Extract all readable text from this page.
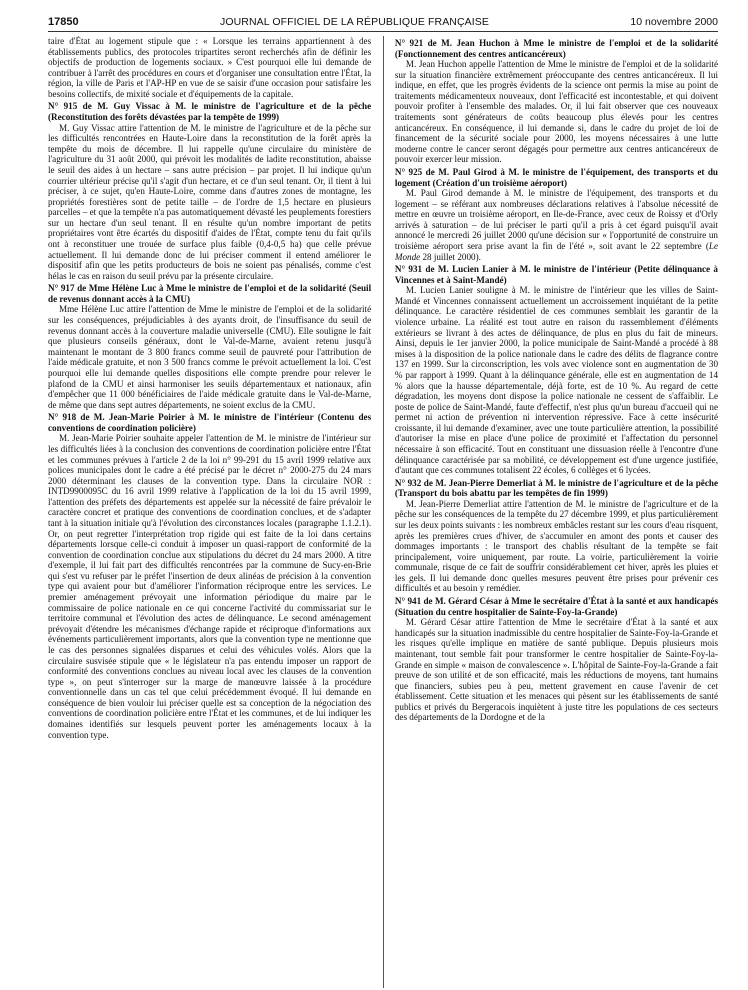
17850	JOURNAL OFFICIEL DE LA RÉPUBLIQUE FRANÇAISE	10 novembre 2000

taire d'État au logement stipule que : « Lorsque les terrains appartiennent à des établissements publics, des protocoles tripartites seront recherchés afin de définir les objectifs de production de logements sociaux. » C'est pourquoi elle lui demande de contribuer à l'arrêt des procédures en cours et d'organiser une consultation entre l'État, la région, la ville de Paris et l'AP-HP en vue de se saisir d'une occasion pour satisfaire les besoins collectifs, de mixité sociale et d'équipements de la capitale.

N° 915 de M. Guy Vissac à M. le ministre de l'agriculture et de la pêche (Reconstitution des forêts dévastées par la tempête de 1999)

M. Guy Vissac attire l'attention de M. le ministre de l'agriculture et de la pêche sur les difficultés rencontrées en Haute-Loire dans la reconstitution de la forêt après la tempête du mois de décembre. Il lui rappelle qu'une circulaire du ministère de l'agriculture du 31 août 2000, qui prévoit les modalités de ladite reconstitution, abaisse le seuil des aides à un hectare – sans autre précision – par projet. Il lui indique qu'un courrier ultérieur précise qu'il s'agit d'un hectare, et ce d'un seul tenant. Or, il tient à lui préciser, à ce sujet, qu'en Haute-Loire, comme dans d'autres zones de montagne, les propriétés forestières sont de petite taille – de l'ordre de 1,5 hectare en plusieurs parcelles – et que la tempête n'a pas automatiquement dévasté les peuplements forestiers sur un hectare d'un seul tenant. Il en résulte qu'un nombre important de petits propriétaires vont être écartés du dispositif d'aides de l'État, compte tenu du fait qu'ils ont à reconstituer une trouée de surface plus faible (0,4-0,5 ha) que celle prévue actuellement. Il lui demande donc de lui préciser comment il entend améliorer le dispositif afin que les petits producteurs de bois ne soient pas pénalisés, comme c'est hélas le cas en raison du seuil prévu par la présente circulaire.

N° 917 de Mme Hélène Luc à Mme le ministre de l'emploi et de la solidarité (Seuil de revenus donnant accès à la CMU)

Mme Hélène Luc attire l'attention de Mme le ministre de l'emploi et de la solidarité sur les conséquences, préjudiciables à des ayants droit, de l'insuffisance du seuil de revenus donnant accès à la couverture maladie universelle (CMU). Elle souligne le fait que plusieurs conseils généraux, dont le Val-de-Marne, avaient retenu jusqu'à maintenant le montant de 3 800 francs comme seuil de pauvreté pour l'attribution de l'aide médicale gratuite, et non 3 500 francs comme le prévoit actuellement la loi. C'est pourquoi elle lui demande quelles dispositions elle compte prendre pour relever le plafond de la CMU et ainsi harmoniser les seuils départementaux et nationaux, afin d'empêcher que 11 000 bénéficiaires de l'aide médicale gratuite dans le Val-de-Marne, de même que dans sept autres départements, ne soient exclus de la CMU.

N° 918 de M. Jean-Marie Poirier à M. le ministre de l'intérieur (Contenu des conventions de coordination policière)

M. Jean-Marie Poirier souhaite appeler l'attention de M. le ministre de l'intérieur sur les difficultés liées à la conclusion des conventions de coordination policière entre l'État et les communes prévues à l'article 2 de la loi n° 99-291 du 15 avril 1999 relative aux polices municipales dont le cadre a été précisé par le décret n° 2000-275 du 24 mars 2000 déterminant les clauses de la convention type. Dans la circulaire NOR : INTD9900095C du 16 avril 1999 relative à l'application de la loi du 15 avril 1999, l'attention des préfets des départements est appelée sur la nécessité de faire prévaloir le caractère concret et pratique des conventions de coordination conclues, et de s'adapter tant à la situation initiale qu'à l'évolution des circonstances locales (paragraphe 1.1.2.1). Or, on peut regretter l'interprétation trop rigide qui est faite de la loi dans certains départements lorsque celle-ci conduit à imposer un quasi-rapport de conformité de la convention de coordination conclue aux stipulations du décret du 24 mars 2000. A titre d'exemple, il lui fait part des difficultés rencontrées par la commune de Sucy-en-Brie qui s'est vu refuser par le préfet l'insertion de deux alinéas de précision à la convention type qui avaient pour but d'améliorer l'information réciproque entre les services. Le premier aménagement prévoyait une information périodique du maire par le commissaire de police nationale en ce qui concerne l'activité du commissariat sur le territoire communal et l'évolution des actes de délinquance. Le second aménagement prévoyait d'étendre les mécanismes d'échange rapide et réciproque d'informations aux événements particulièrement importants, alors que la convention type ne mentionne que le cas des personnes signalées disparues et celui des véhicules volés. Alors que la circulaire susvisée stipule que « le législateur n'a pas entendu imposer un rapport de conformité des conventions conclues au niveau local avec les clauses de la convention type », on peut s'interroger sur la marge de manœuvre laissée à la procédure conventionnelle dans un cas tel que celui précédemment évoqué. Il lui demande en conséquence de bien vouloir lui préciser quelle est sa conception de la négociation des conventions de coordination policière entre l'État et les communes, et de lui indiquer les domaines identifiés sur lesquels peuvent porter les aménagements locaux à la convention type.

N° 921 de M. Jean Huchon à Mme le ministre de l'emploi et de la solidarité (Fonctionnement des centres anticancéreux)

M. Jean Huchon appelle l'attention de Mme le ministre de l'emploi et de la solidarité sur la situation financière extrêmement préoccupante des centres anticancéreux. Il lui indique, en effet, que les progrès évidents de la science ont permis la mise au point de traitements médicamenteux nouveaux, dont l'efficacité est incontestable, et qui doivent pouvoir profiter à l'ensemble des malades. Or, il lui fait observer que ces nouveaux traitements sont générateurs de coûts beaucoup plus élevés pour les centres anticancéreux. En conséquence, il lui demande si, dans le cadre du projet de loi de financement de la sécurité sociale pour 2000, les moyens nécessaires à une lutte moderne contre le cancer seront dégagés pour permettre aux centres anticancéreux de pouvoir exercer leur mission.

N° 925 de M. Paul Girod à M. le ministre de l'équipement, des transports et du logement (Création d'un troisième aéroport)

M. Paul Girod demande à M. le ministre de l'équipement, des transports et du logement – se référant aux nombreuses déclarations relatives à l'absolue nécessité de mettre en œuvre un troisième aéroport, en Ile-de-France, avec ceux de Roissy et d'Orly arrivés à saturation – de lui préciser le parti qu'il a pris à cet égard puisqu'il avait annoncé le mercredi 26 juillet 2000 qu'une décision sur « l'opportunité de construire un troisième aéroport sera prise avant la fin de l'été », soit avant le 22 septembre (Le Monde 28 juillet 2000).

N° 931 de M. Lucien Lanier à M. le ministre de l'intérieur (Petite délinquance à Vincennes et à Saint-Mandé)

M. Lucien Lanier souligne à M. le ministre de l'intérieur que les villes de Saint-Mandé et Vincennes connaissent actuellement un accroissement inquiétant de la petite délinquance. Le caractère résidentiel de ces communes semblait les garantir de la violence urbaine. La réalité est tout autre en raison du rassemblement d'éléments extérieurs se livrant à des actes de délinquance, de plus en plus du fait de mineurs. Ainsi, depuis le 1er janvier 2000, la police municipale de Saint-Mandé a procédé à 88 mises à la disposition de la police nationale dans le cadre des délits de flagrance contre 137 en 1999. Sur la circonscription, les vols avec violence sont en augmentation de 30 % par rapport à 1999. Quant à la délinquance générale, elle est en augmentation de 14 % alors que la hausse départementale, déjà forte, est de 10 %. Au regard de cette dégradation, les moyens dont dispose la police nationale ne cessent de s'affaiblir. Le poste de police de Saint-Mandé, faute d'effectif, n'est plus qu'un bureau d'accueil qui ne permet ni action de prévention ni intervention répressive. Face à cette insécurité croissante, il lui demande d'examiner, avec une toute particulière attention, la possibilité d'autoriser la mise en place d'une police de proximité et l'affectation du personnel nécessaire à son efficacité. Tout en constituant une dissuasion réelle à l'encontre d'une délinquance caractérisée par sa mobilité, ce développement est d'une urgence justifiée, d'autant que ces communes totalisent 22 écoles, 6 collèges et 6 lycées.

N° 932 de M. Jean-Pierre Demerliat à M. le ministre de l'agriculture et de la pêche (Transport du bois abattu par les tempêtes de fin 1999)

M. Jean-Pierre Demerliat attire l'attention de M. le ministre de l'agriculture et de la pêche sur les conséquences de la tempête du 27 décembre 1999, et plus particulièrement sur les deux points suivants : les nombreux embâcles restant sur les cours d'eau risquent, après les premières crues d'hiver, de s'accumuler en amont des ponts et causer des dommages importants : le transport des chablis résultant de la tempête se fait principalement, voire uniquement, par route. La voirie, particulièrement la voirie communale, risque de ce fait de souffrir considérablement cet hiver, après les pluies et les gels. Il lui demande donc quelles mesures peuvent être prises pour prévenir ces difficultés et au besoin y remédier.

N° 941 de M. Gérard César à Mme le secrétaire d'État à la santé et aux handicapés (Situation du centre hospitalier de Sainte-Foy-la-Grande)

M. Gérard César attire l'attention de Mme le secrétaire d'État à la santé et aux handicapés sur la situation inadmissible du centre hospitalier de Sainte-Foy-la-Grande et les risques qu'elle implique en matière de santé publique. Depuis plusieurs mois maintenant, tout semble fait pour transformer le centre hospitalier de Sainte-Foy-la-Grande en simple « maison de convalescence ». L'hôpital de Sainte-Foy-la-Grande a fait preuve de son utilité et de son efficacité, mais les réductions de moyens, tant humains que financiers, subies peu à peu, mettent gravement en cause l'avenir de cet établissement. Cette situation et les menaces qui pèsent sur les établissements de santé publics et privés du Bergeracois inquiètent à juste titre les populations de ces secteurs des départements de la Dordogne et de la
